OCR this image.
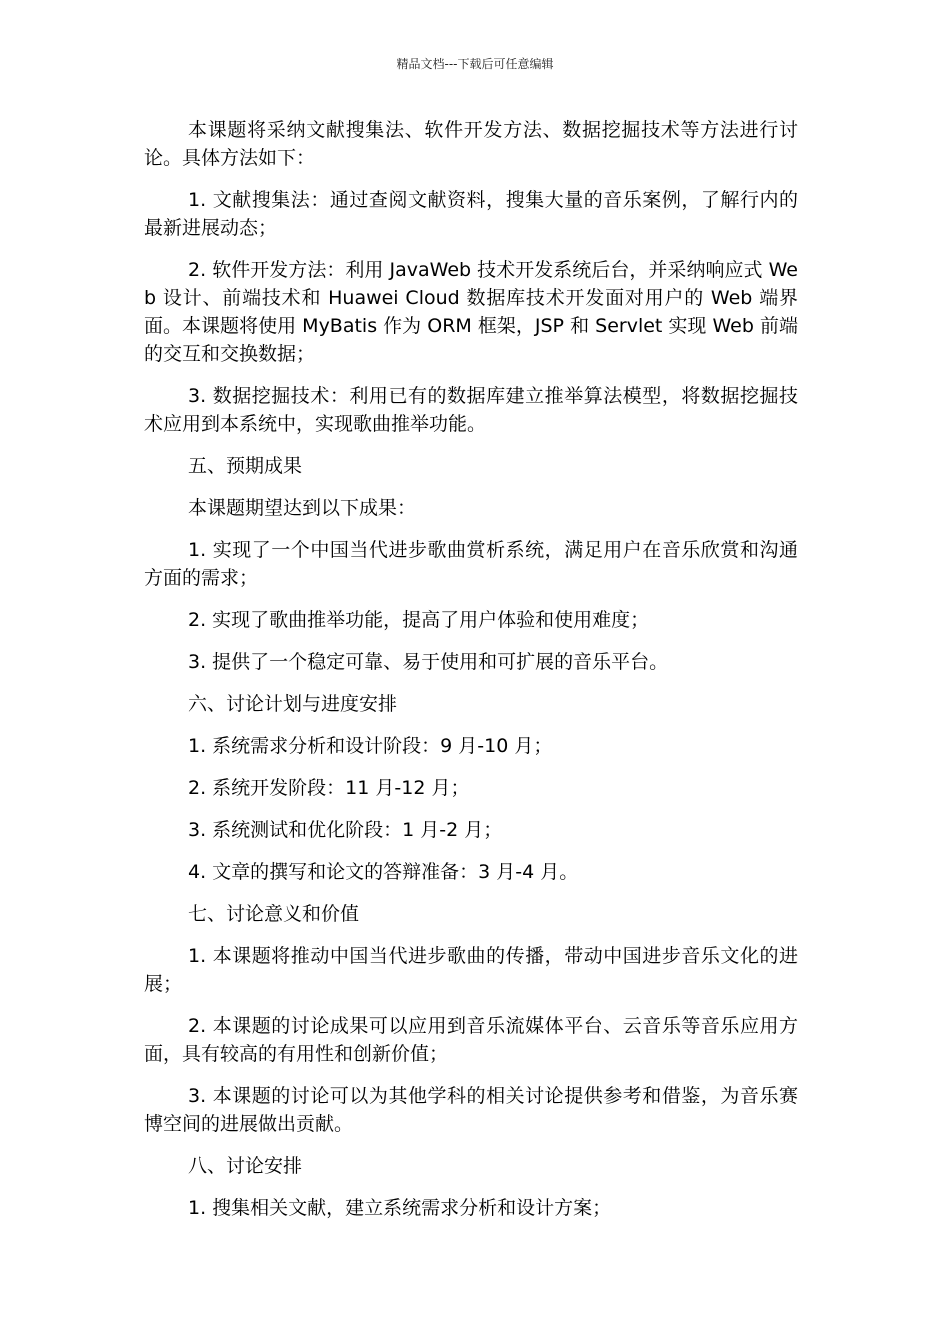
精品文档---下载后可任意编辑

本课题将采纳文献搜集法、软件开发方法、数据挖掘技术等方法进行讨论。具体方法如下：

1. 文献搜集法：通过查阅文献资料，搜集大量的音乐案例，了解行内的最新进展动态；

2. 软件开发方法：利用 JavaWeb 技术开发系统后台，并采纳响应式 Web 设计、前端技术和 Huawei Cloud 数据库技术开发面对用户的 Web 端界面。本课题将使用 MyBatis 作为 ORM 框架，JSP 和 Servlet 实现 Web 前端的交互和交换数据；

3. 数据挖掘技术：利用已有的数据库建立推举算法模型，将数据挖掘技术应用到本系统中，实现歌曲推举功能。

五、预期成果

本课题期望达到以下成果：

1. 实现了一个中国当代进步歌曲赏析系统，满足用户在音乐欣赏和沟通方面的需求；

2. 实现了歌曲推举功能，提高了用户体验和使用难度；

3. 提供了一个稳定可靠、易于使用和可扩展的音乐平台。

六、讨论计划与进度安排

1. 系统需求分析和设计阶段：9 月-10 月；

2. 系统开发阶段：11 月-12 月；

3. 系统测试和优化阶段：1 月-2 月；

4. 文章的撰写和论文的答辩准备：3 月-4 月。

七、讨论意义和价值

1. 本课题将推动中国当代进步歌曲的传播，带动中国进步音乐文化的进展；

2. 本课题的讨论成果可以应用到音乐流媒体平台、云音乐等音乐应用方面，具有较高的有用性和创新价值；

3. 本课题的讨论可以为其他学科的相关讨论提供参考和借鉴，为音乐赛博空间的进展做出贡献。

八、讨论安排

1. 搜集相关文献，建立系统需求分析和设计方案；
